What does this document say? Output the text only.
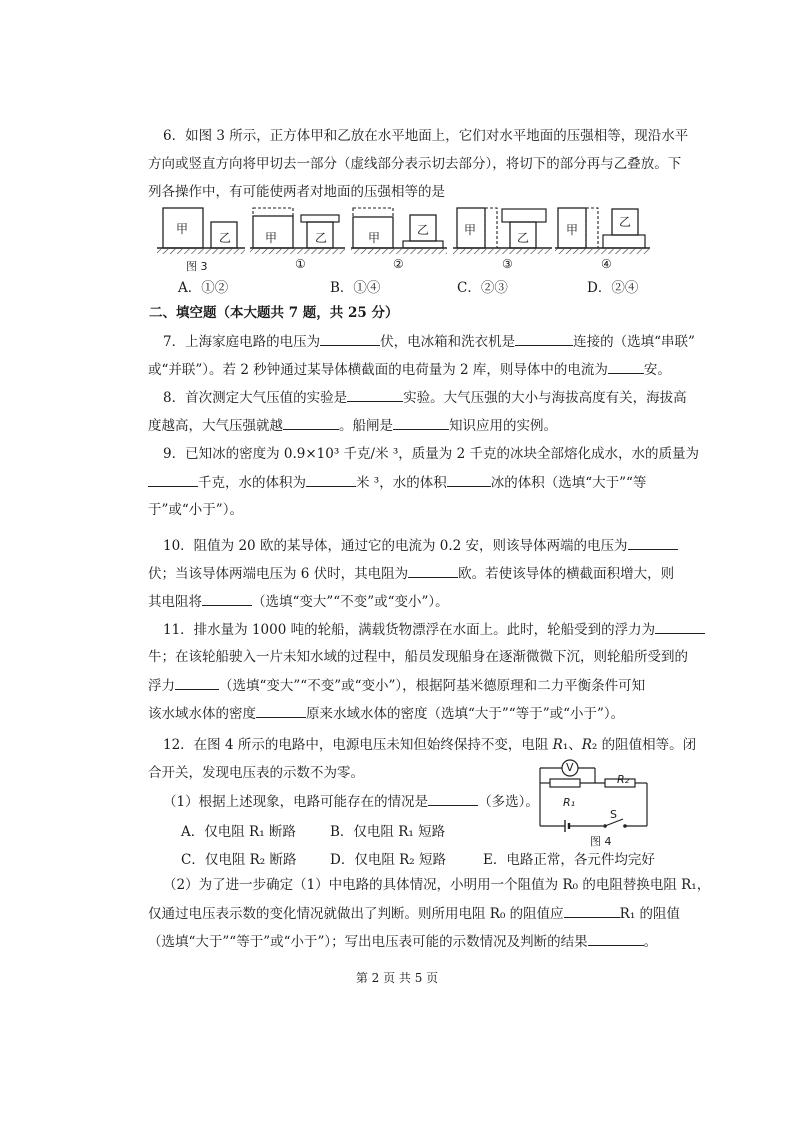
6．如图 3 所示，正方体甲和乙放在水平地面上，它们对水平地面的压强相等，现沿水平
方向或竖直方向将甲切去一部分（虚线部分表示切去部分），将切下的部分再与乙叠放。下
列各操作中，有可能使两者对地面的压强相等的是
甲
乙	甲	乙	甲
乙	甲
乙
甲
乙
图 3	①	②	③	④
A．①②	B．①④	C．②③	D．②④
二、填空题（本大题共 7 题，共 25 分）
7．上海家庭电路的电压为	伏，电冰箱和洗衣机是	连接的（选填“串联”
或“并联”）。若 2 秒钟通过某导体横截面的电荷量为 2 库，则导体中的电流为	安。
8．首次测定大气压值的实验是	实验。大气压强的大小与海拔高度有关，海拔高
度越高，大气压强就越	。船闸是	知识应用的实例。
9．已知冰的密度为 0.9×10³ 千克/米 ³，质量为 2 千克的冰块全部熔化成水，水的质量为
千克，水的体积为	米 ³，水的体积	冰的体积（选填“大于”“等
于”或“小于”）。
10．阻值为 20 欧的某导体，通过它的电流为 0.2 安，则该导体两端的电压为
伏；当该导体两端电压为 6 伏时，其电阻为	欧。若使该导体的横截面积增大，则
其电阻将	（选填“变大”“不变”或“变小”）。
11．排水量为 1000 吨的轮船，满载货物漂浮在水面上。此时，轮船受到的浮力为
牛；在该轮船驶入一片未知水域的过程中，船员发现船身在逐渐微微下沉，则轮船所受到的
浮力	（选填“变大”“不变”或“变小”），根据阿基米德原理和二力平衡条件可知
该水域水体的密度	原来水域水体的密度（选填“大于”“等于”或“小于”）。
12．在图 4 所示的电路中，电源电压未知但始终保持不变，电阻 R₁、R₂ 的阻值相等。闭
合开关，发现电压表的示数不为零。
（1）根据上述现象，电路可能存在的情况是	（多选）。
A．仅电阻 R₁ 断路	B．仅电阻 R₁ 短路
C．仅电阻 R₂ 断路 D．仅电阻 R₂ 短路	E．电路正常，各元件均完好
（2）为了进一步确定（1）中电路的具体情况，小明用一个阻值为 R₀ 的电阻替换电阻 R₁，
仅通过电压表示数的变化情况就做出了判断。则所用电阻 R₀ 的阻值应	R₁ 的阻值
（选填“大于”“等于”或“小于”）；写出电压表可能的示数情况及判断的结果	。
V
R₂
R₁
S
图 4
第 2 页 共 5 页
